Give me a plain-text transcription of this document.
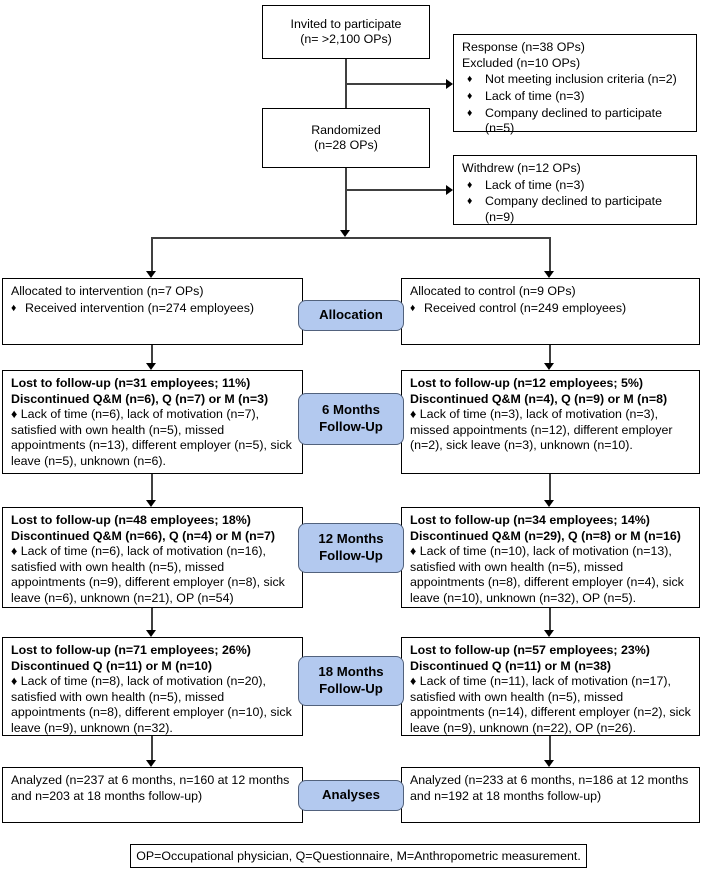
Invited to participate
(n= >2,100 OPs)
Response (n=38 OPs)
Excluded (n=10 OPs)
♦	Not meeting inclusion criteria (n=2)
♦	Lack of time (n=3)
♦	Company declined to participate (n=5)
Randomized
(n=28 OPs)
Withdrew (n=12 OPs)
♦	Lack of time (n=3)
♦	Company declined to participate (n=9)
Allocated to intervention (n=7 OPs)
♦ Received intervention (n=274 employees)	Allocation
Allocated to control (n=9 OPs)
♦ Received control (n=249 employees)
Lost to follow-up (n=31 employees; 11%)
Discontinued Q&M (n=6), Q (n=7) or M (n=3)
♦ Lack of time (n=6), lack of motivation (n=7), satisfied with own health (n=5), missed appointments (n=13), different employer (n=5), sick leave (n=5), unknown (n=6).
6 Months Follow-Up
Lost to follow-up (n=12 employees; 5%)
Discontinued Q&M (n=4), Q (n=9) or M (n=8)
♦ Lack of time (n=3), lack of motivation (n=3), missed appointments (n=12), different employer (n=2), sick leave (n=3), unknown (n=10).
Lost to follow-up (n=48 employees; 18%)
Discontinued Q&M (n=66), Q (n=4) or M (n=7)
♦ Lack of time (n=6), lack of motivation (n=16), satisfied with own health (n=5), missed appointments (n=9), different employer (n=8), sick leave (n=6), unknown (n=21), OP (n=54)
12 Months Follow-Up
Lost to follow-up (n=34 employees; 14%)
Discontinued Q&M (n=29), Q (n=8) or M (n=16)
♦ Lack of time (n=10), lack of motivation (n=13), satisfied with own health (n=5), missed appointments (n=8), different employer (n=4), sick leave (n=10), unknown (n=32), OP (n=5).
Lost to follow-up (n=71 employees; 26%)
Discontinued Q (n=11) or M (n=10)
♦ Lack of time (n=8), lack of motivation (n=20), satisfied with own health (n=5), missed appointments (n=8), different employer (n=10), sick leave (n=9), unknown (n=32).
18 Months Follow-Up
Lost to follow-up (n=57 employees; 23%)
Discontinued Q (n=11) or M (n=38)
♦ Lack of time (n=11), lack of motivation (n=17), satisfied with own health (n=5), missed appointments (n=14), different employer (n=2), sick leave (n=9), unknown (n=22), OP (n=26).
Analyzed (n=237 at 6 months, n=160 at 12 months and n=203 at 18 months follow-up)	Analyses
Analyzed (n=233 at 6 months, n=186 at 12 months and n=192 at 18 months follow-up)
OP=Occupational physician, Q=Questionnaire, M=Anthropometric measurement.
